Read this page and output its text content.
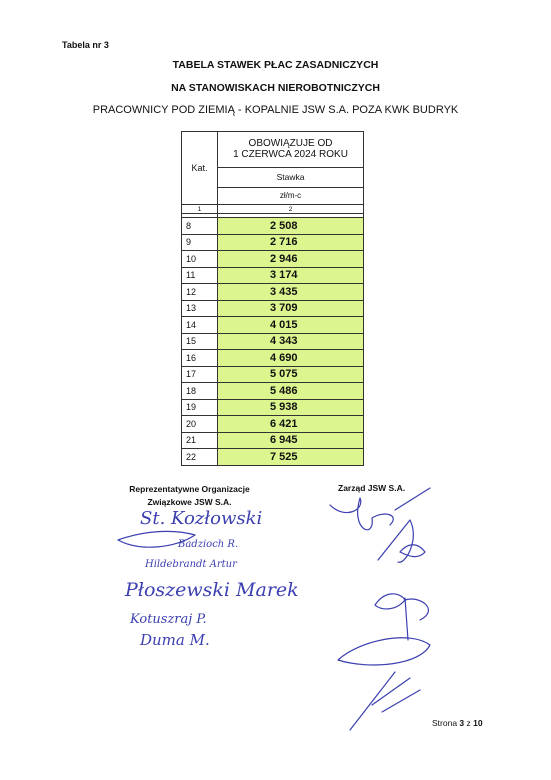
Tabela nr 3
TABELA STAWEK PŁAC ZASADNICZYCH
NA STANOWISKACH NIEROBOTNICZYCH
PRACOWNICY POD ZIEMIĄ - KOPALNIE JSW S.A. POZA KWK BUDRYK
Kat.	OBOWIĄZUJE OD
1 CZERWCA 2024 ROKU
	Stawka
	zł/m-c
1	2

8	2 508
9	2 716
10	2 946
11	3 174
12	3 435
13	3 709
14	4 015
15	4 343
16	4 690
17	5 075
18	5 486
19	5 938
20	6 421
21	6 945
22	7 525
Reprezentatywne Organizacje
Związkowe JSW S.A.
Zarząd JSW S.A.
St. Kozłowski
Badzioch R.
Hildebrandt Artur
Płoszewski Marek
Kotuszraj P.
Duma M.
Strona 3 z 10
